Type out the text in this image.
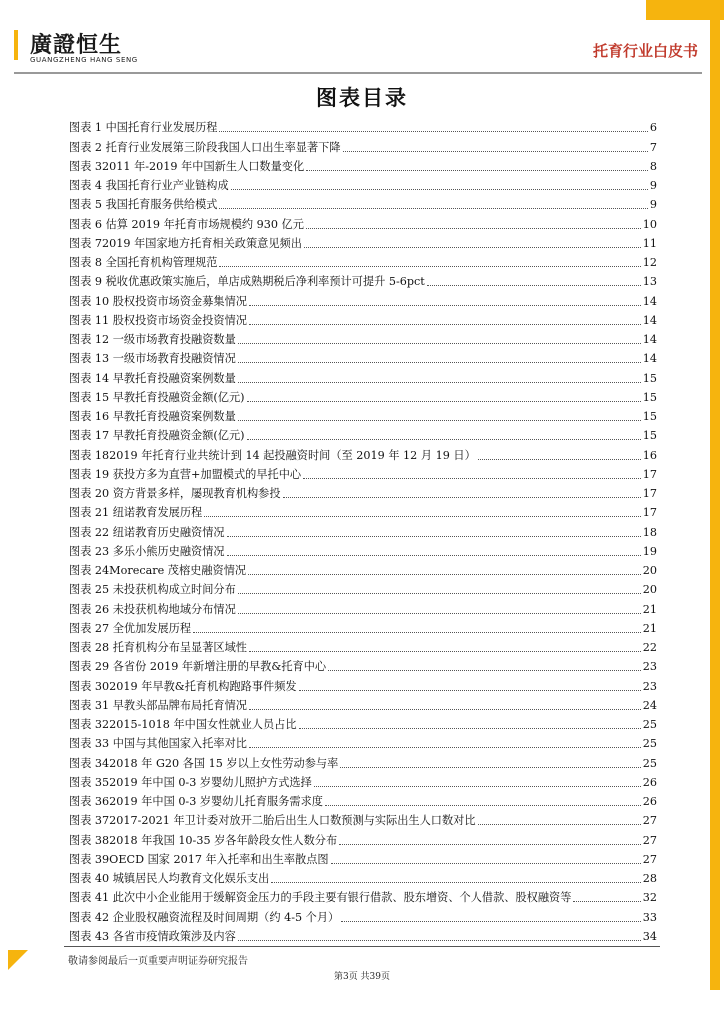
廣證恒生
GUANGZHENG HANG SENG	托育行业白皮书
图表目录
图表 1 中国托育行业发展历程	6
图表 2 托育行业发展第三阶段我国人口出生率显著下降	7
图表 32011 年-2019 年中国新生人口数量变化	8
图表 4 我国托育行业产业链构成	9
图表 5 我国托育服务供给模式	9
图表 6 估算 2019 年托育市场规模约 930 亿元	10
图表 72019 年国家地方托育相关政策意见频出	11
图表 8 全国托育机构管理规范	12
图表 9 税收优惠政策实施后，单店成熟期税后净利率预计可提升 5-6pct	13
图表 10 股权投资市场资金募集情况	14
图表 11 股权投资市场资金投资情况	14
图表 12 一级市场教育投融资数量	14
图表 13 一级市场教育投融资情况	14
图表 14 早教托育投融资案例数量	15
图表 15 早教托育投融资金额(亿元)	15
图表 16 早教托育投融资案例数量	15
图表 17 早教托育投融资金额(亿元)	15
图表 182019 年托育行业共统计到 14 起投融资时间（至 2019 年 12 月 19 日）	16
图表 19 获投方多为直营+加盟模式的早托中心	17
图表 20 资方背景多样，屡现教育机构参投	17
图表 21 纽诺教育发展历程	17
图表 22 纽诺教育历史融资情况	18
图表 23 多乐小熊历史融资情况	19
图表 24Morecare 茂榕史融资情况	20
图表 25 未投获机构成立时间分布	20
图表 26 未投获机构地域分布情况	21
图表 27 全优加发展历程	21
图表 28 托育机构分布呈显著区域性	22
图表 29 各省份 2019 年新增注册的早教&托育中心	23
图表 302019 年早教&托育机构跑路事件频发	23
图表 31 早教头部品牌布局托育情况	24
图表 322015-1018 年中国女性就业人员占比	25
图表 33 中国与其他国家入托率对比	25
图表 342018 年 G20 各国 15 岁以上女性劳动参与率	25
图表 352019 年中国 0-3 岁婴幼儿照护方式选择	26
图表 362019 年中国 0-3 岁婴幼儿托育服务需求度	26
图表 372017-2021 年卫计委对放开二胎后出生人口数预测与实际出生人口数对比	27
图表 382018 年我国 10-35 岁各年龄段女性人数分布	27
图表 39OECD 国家 2017 年入托率和出生率散点图	27
图表 40 城镇居民人均教育文化娱乐支出	28
图表 41 此次中小企业能用于缓解资金压力的手段主要有银行借款、股东增资、个人借款、股权融资等	32
图表 42 企业股权融资流程及时间周期（约 4-5 个月）	33
图表 43 各省市疫情政策涉及内容	34
敬请参阅最后一页重要声明证券研究报告
第3页 共39页
